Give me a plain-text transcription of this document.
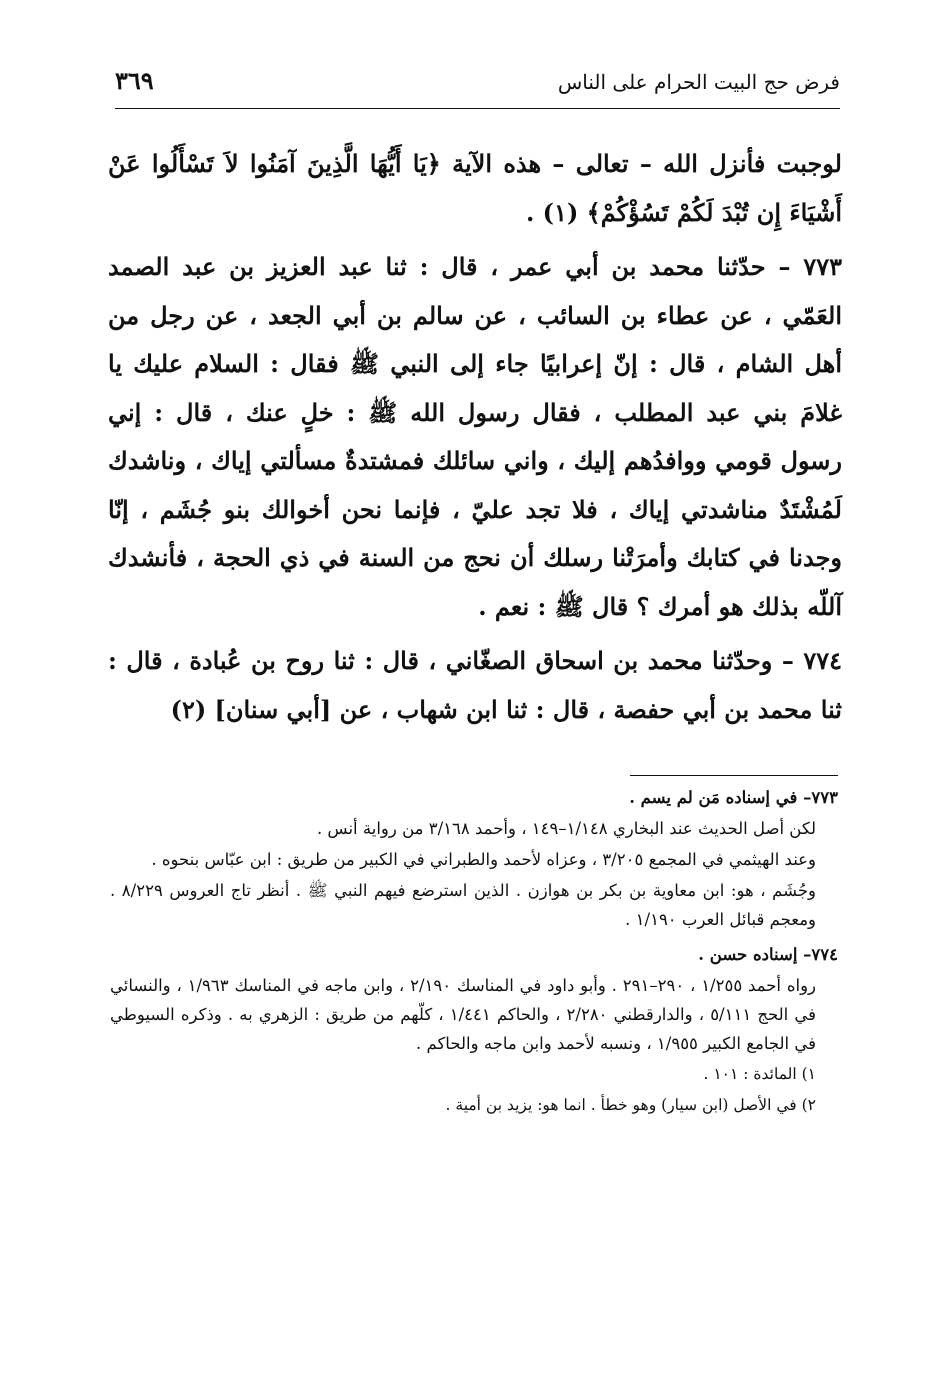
فرض حج البيت الحرام على الناس
٣٦٩

لوجبت فأنزل الله – تعالى – هذه الآية ﴿يَا أَيُّهَا الَّذِينَ آمَنُوا لاَ تَسْأَلُوا عَنْ أَشْيَاءَ إِن تُبْدَ لَكُمْ تَسُؤْكُمْ﴾ (١) .

٧٧٣ – حدّثنا محمد بن أبي عمر ، قال : ثنا عبد العزيز بن عبد الصمد العَمّي ، عن عطاء بن السائب ، عن سالم بن أبي الجعد ، عن رجل من أهل الشام ، قال : إنّ إعرابيًا جاء إلى النبي ﷺ فقال : السلام عليك يا غلامَ بني عبد المطلب ، فقال رسول الله ﷺ : خلٍ عنك ، قال : إني رسول قومي ووافدُهم إليك ، واني سائلك فمشتدةٌ مسألتي إياك ، وناشدك لَمُشْتَدٌ مناشدتي إياك ، فلا تجد عليّ ، فإنما نحن أخوالك بنو جُشَم ، إنّا وجدنا في كتابك وأمرَتْنا رسلك أن نحج من السنة في ذي الحجة ، فأنشدك آللّه بذلك هو أمرك ؟ قال ﷺ : نعم .

٧٧٤ – وحدّثنا محمد بن اسحاق الصغّاني ، قال : ثنا روح بن عُبادة ، قال : ثنا محمد بن أبي حفصة ، قال : ثنا ابن شهاب ، عن [أبي سنان] (٢)

٧٧٣– في إسناده مَن لم يسم .

لكن أصل الحديث عند البخاري ١/١٤٨–١٤٩ ، وأحمد ٣/١٦٨ من رواية أنس .

وعند الهيثمي في المجمع ٣/٢٠٥ ، وعزاه لأحمد والطبراني في الكبير من طريق : ابن عبّاس بنحوه .

وجُشَم ، هو: ابن معاوية بن بكر بن هوازن . الذين استرضع فيهم النبي ﷺ . أنظر تاج العروس ٨/٢٢٩ . ومعجم قبائل العرب ١/١٩٠ .

٧٧٤– إسناده حسن .

رواه أحمد ١/٢٥٥ ، ٢٩٠–٢٩١ . وأبو داود في المناسك ٢/١٩٠ ، وابن ماجه في المناسك ١/٩٦٣ ، والنسائي في الحج ٥/١١١ ، والدارقطني ٢/٢٨٠ ، والحاكم ١/٤٤١ ، كلّهم من طريق : الزهري به . وذكره السيوطي في الجامع الكبير ١/٩٥٥ ، ونسبه لأحمد وابن ماجه والحاكم .

١) المائدة : ١٠١ .

٢) في الأصل (ابن سيار) وهو خطأ . انما هو: يزيد بن أمية .
